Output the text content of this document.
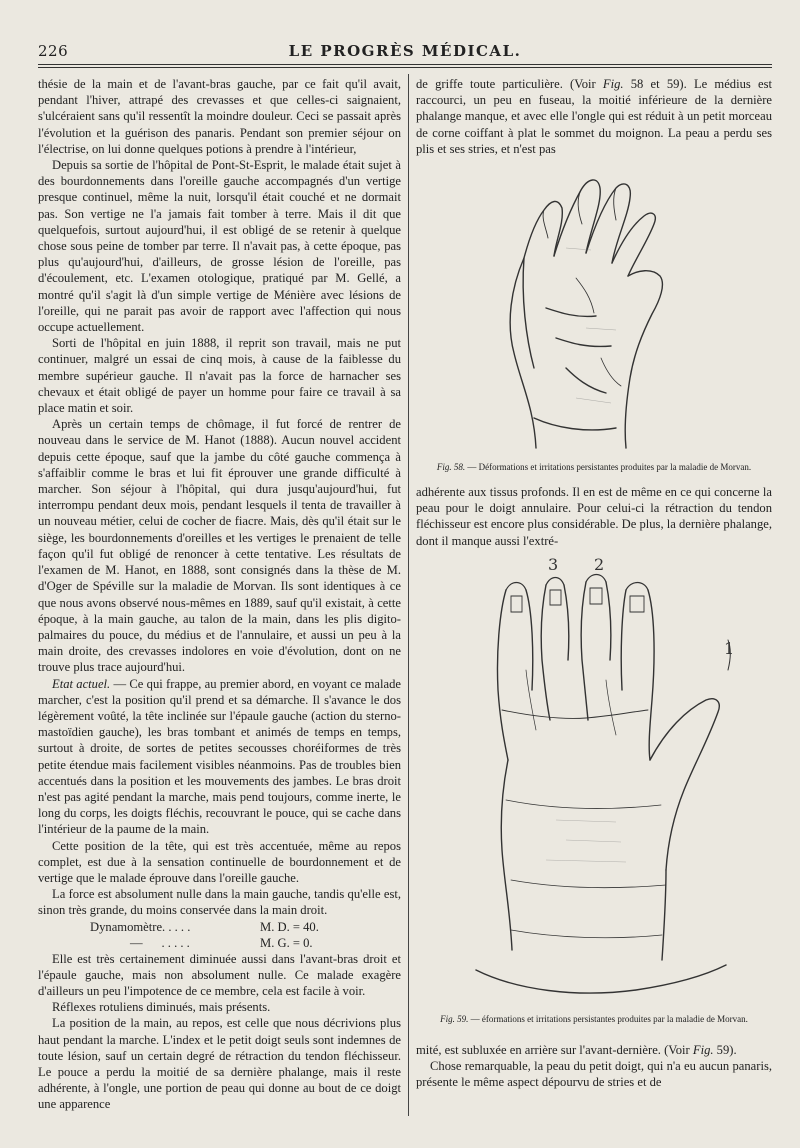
226	LE PROGRÈS MÉDICAL.

thésie de la main et de l'avant-bras gauche, par ce fait qu'il avait, pendant l'hiver, attrapé des crevasses et que celles-ci saignaient, s'ulcéraient sans qu'il ressentît la moindre douleur. Ceci se passait après l'évolution et la guérison des panaris. Pendant son premier séjour on l'électrise, on lui donne quelques potions à prendre à l'intérieur,

Depuis sa sortie de l'hôpital de Pont-St-Esprit, le malade était sujet à des bourdonnements dans l'oreille gauche accompagnés d'un vertige presque continuel, même la nuit, lorsqu'il était couché et ne dormait pas. Son vertige ne l'a jamais fait tomber à terre. Mais il dit que quelquefois, surtout aujourd'hui, il est obligé de se retenir à quelque chose sous peine de tomber par terre. Il n'avait pas, à cette époque, pas plus qu'aujourd'hui, d'ailleurs, de grosse lésion de l'oreille, pas d'écoulement, etc. L'examen otologique, pratiqué par M. Gellé, a montré qu'il s'agit là d'un simple vertige de Ménière avec lésions de l'oreille, qui ne parait pas avoir de rapport avec l'affection qui nous occupe actuellement.

Sorti de l'hôpital en juin 1888, il reprit son travail, mais ne put continuer, malgré un essai de cinq mois, à cause de la faiblesse du membre supérieur gauche. Il n'avait pas la force de harnacher ses chevaux et était obligé de payer un homme pour faire ce travail à sa place matin et soir.

Après un certain temps de chômage, il fut forcé de rentrer de nouveau dans le service de M. Hanot (1888). Aucun nouvel accident depuis cette époque, sauf que la jambe du côté gauche commença à s'affaiblir comme le bras et lui fit éprouver une grande difficulté à marcher. Son séjour à l'hôpital, qui dura jusqu'aujourd'hui, fut interrompu pendant deux mois, pendant lesquels il tenta de travailler à un nouveau métier, celui de cocher de fiacre. Mais, dès qu'il était sur le siège, les bourdonnements d'oreilles et les vertiges le prenaient de telle façon qu'il fut obligé de renoncer à cette tentative. Les résultats de l'examen de M. Hanot, en 1888, sont consignés dans la thèse de M. d'Oger de Spéville sur la maladie de Morvan. Ils sont identiques à ce que nous avons observé nous-mêmes en 1889, sauf qu'il existait, à cette époque, à la main gauche, au talon de la main, dans les plis digito-palmaires du pouce, du médius et de l'annulaire, et aussi un peu à la main droite, des crevasses indolores en voie d'évolution, dont on ne trouve plus trace aujourd'hui.

Etat actuel. — Ce qui frappe, au premier abord, en voyant ce malade marcher, c'est la position qu'il prend et sa démarche. Il s'avance le dos légèrement voûté, la tête inclinée sur l'épaule gauche (action du sterno-mastoïdien gauche), les bras tombant et animés de temps en temps, surtout à droite, de sortes de petites secousses choréiformes de très petite étendue mais facilement visibles néanmoins. Pas de troubles bien accentués dans la position et les mouvements des jambes. Le bras droit n'est pas agité pendant la marche, mais pend toujours, comme inerte, le long du corps, les doigts fléchis, recouvrant le pouce, qui se cache dans l'intérieur de la paume de la main.

Cette position de la tête, qui est très accentuée, même au repos complet, est due à la sensation continuelle de bourdonnement et de vertige que le malade éprouve dans l'oreille gauche.

La force est absolument nulle dans la main gauche, tandis qu'elle est, sinon très grande, du moins conservée dans la main droit.

Dynamomètre. . . . .	M. D. = 40.
—      . . . . .	M. G. = 0.

Elle est très certainement diminuée aussi dans l'avant-bras droit et l'épaule gauche, mais non absolument nulle. Ce malade exagère d'ailleurs un peu l'impotence de ce membre, cela est facile à voir.

Réflexes rotuliens diminués, mais présents.

La position de la main, au repos, est celle que nous décrivions plus haut pendant la marche. L'index et le petit doigt seuls sont indemnes de toute lésion, sauf un certain degré de rétraction du tendon fléchisseur. Le pouce a perdu la moitié de sa dernière phalange, mais il reste adhérente, à l'ongle, une portion de peau qui donne au bout de ce doigt une apparence

de griffe toute particulière. (Voir Fig. 58 et 59). Le médius est raccourci, un peu en fuseau, la moitié inférieure de la dernière phalange manque, et avec elle l'ongle qui est réduit à un petit morceau de corne coiffant à plat le sommet du moignon. La peau a perdu ses plis et ses stries, et n'est pas

Fig. 58. — Déformations et irritations persistantes produites par la maladie de Morvan.

adhérente aux tissus profonds. Il en est de même en ce qui concerne la peau pour le doigt annulaire. Pour celui-ci la rétraction du tendon fléchisseur est encore plus considérable. De plus, la dernière phalange, dont il manque aussi l'extré-

3 2
1
Fig. 59. — éformations et irritations persistantes produites par la maladie de Morvan.

mité, est subluxée en arrière sur l'avant-dernière. (Voir Fig. 59).

Chose remarquable, la peau du petit doigt, qui n'a eu aucun panaris, présente le même aspect dépourvu de stries et de
